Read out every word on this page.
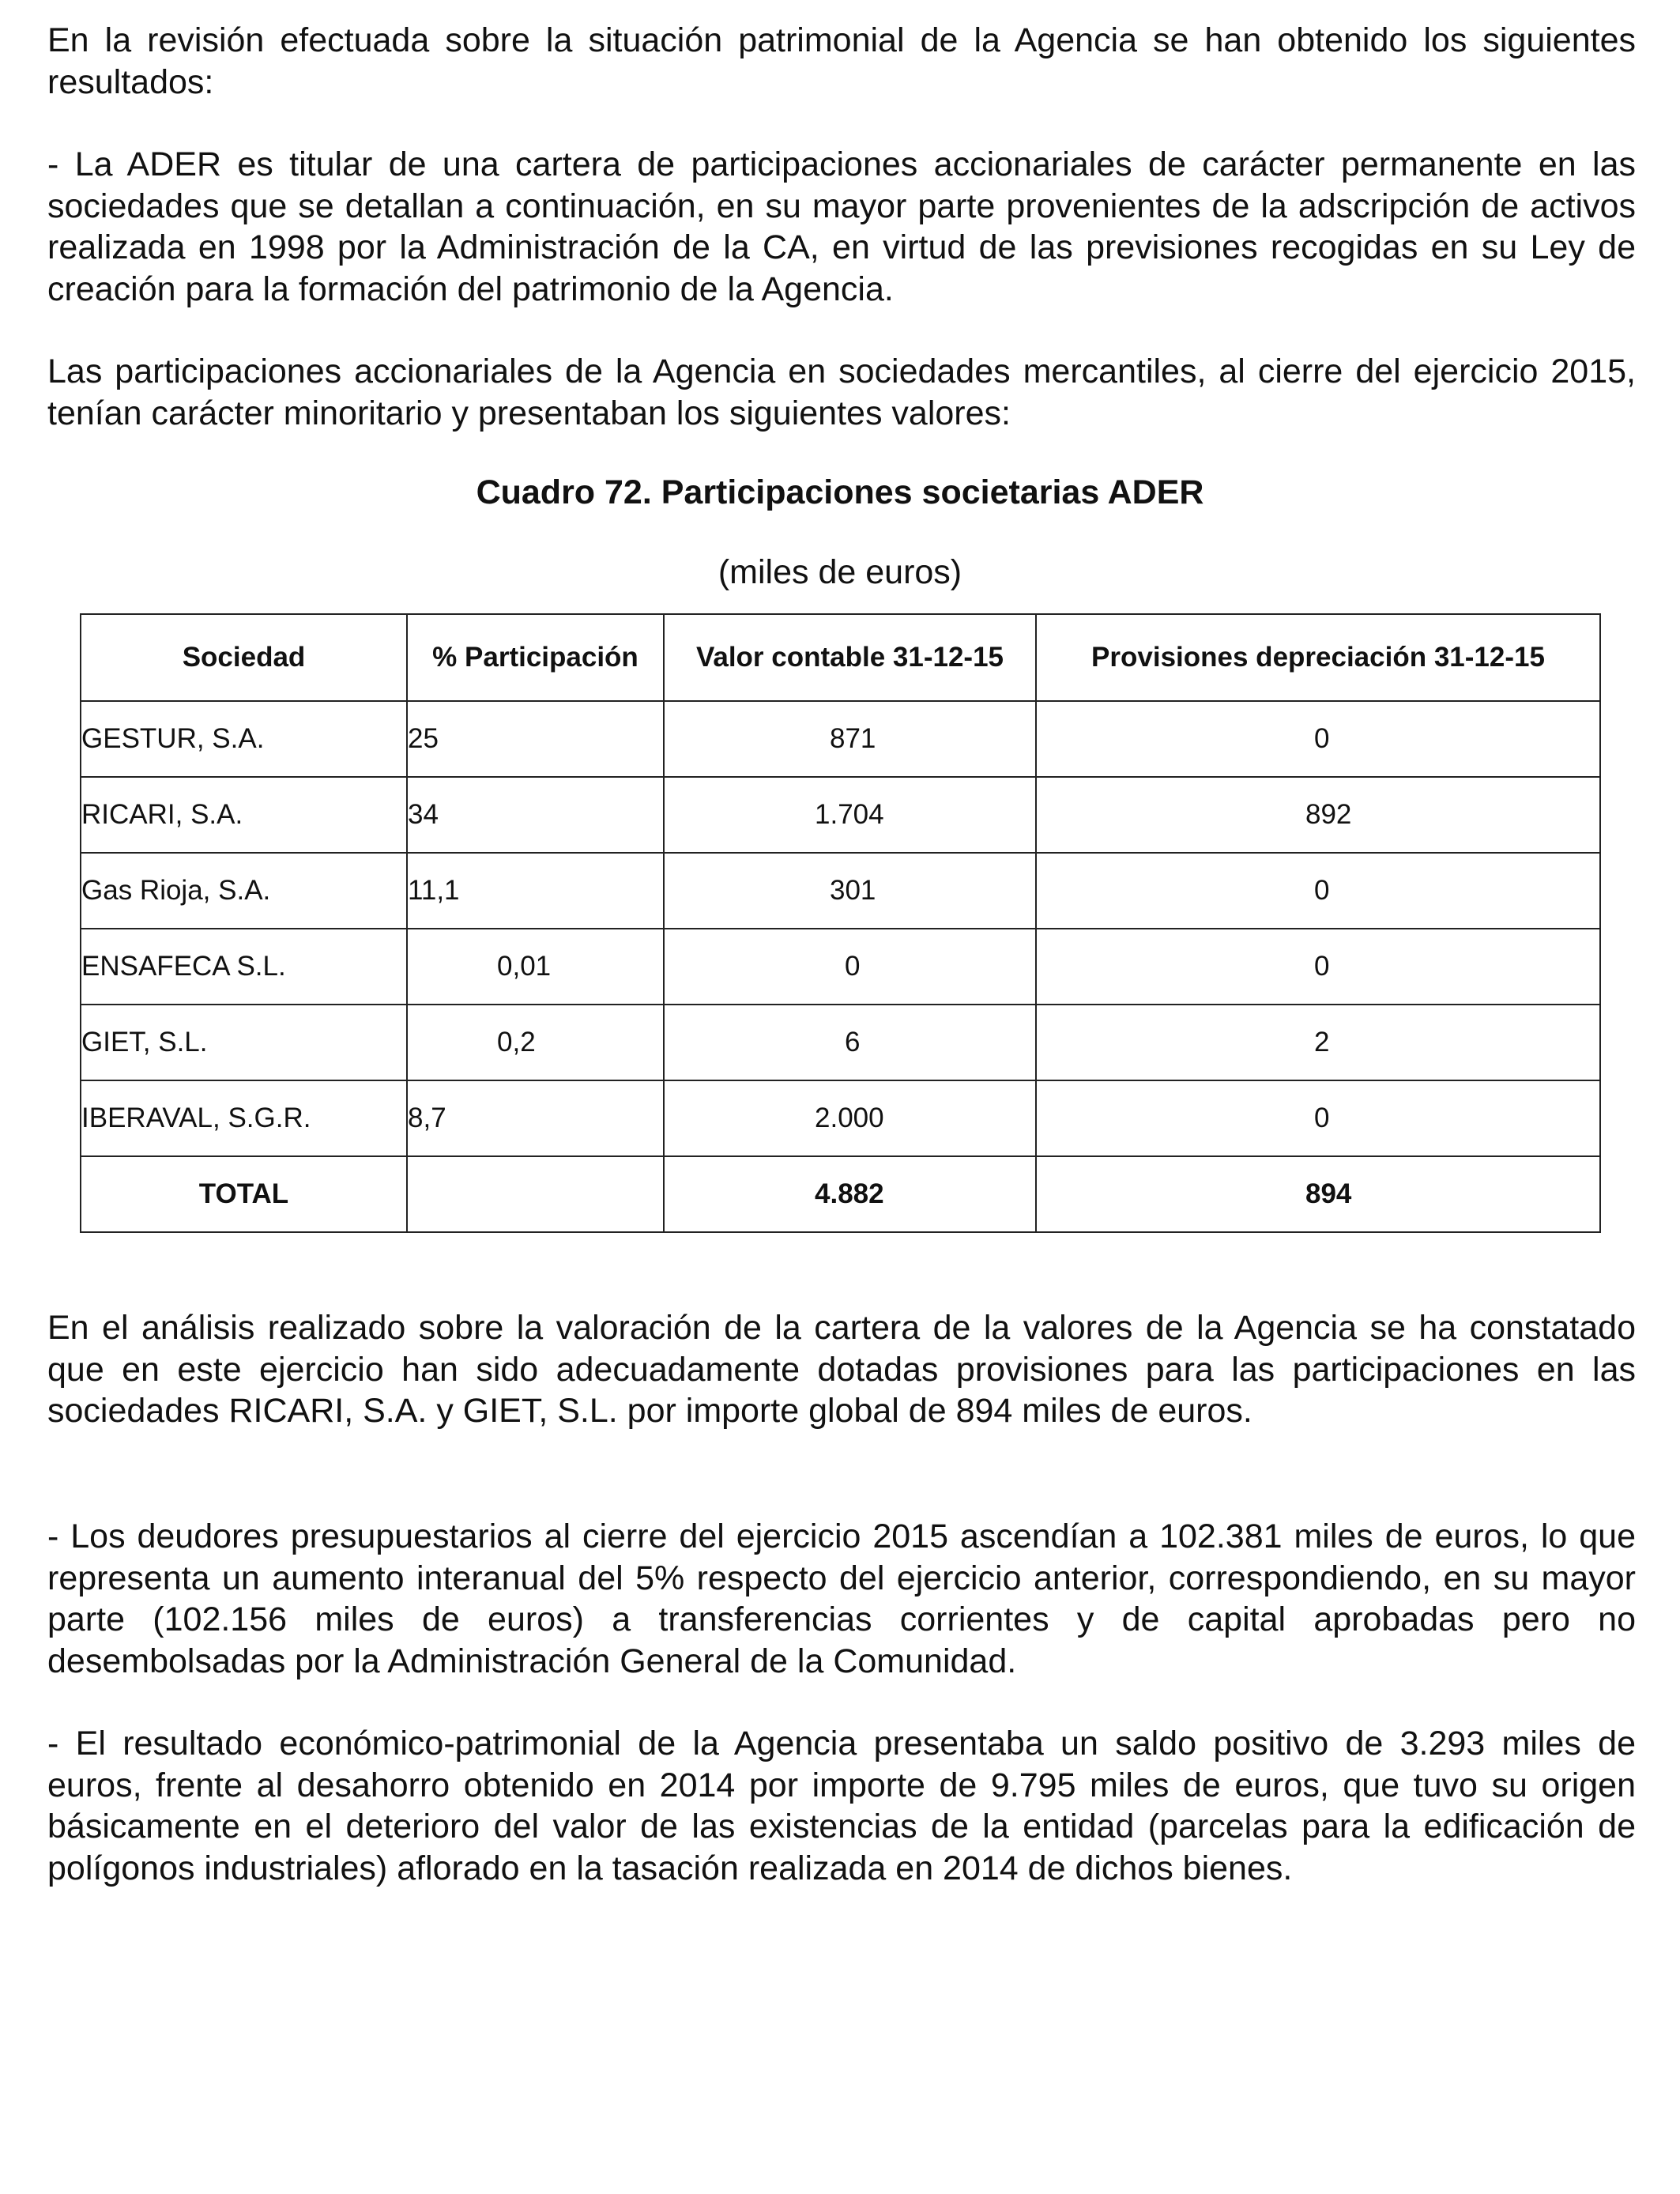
En la revisión efectuada sobre la situación patrimonial de la Agencia se han obtenido los siguientes resultados:

- La ADER es titular de una cartera de participaciones accionariales de carácter permanente en las sociedades que se detallan a continuación, en su mayor parte provenientes de la adscripción de activos realizada en 1998 por la Administración de la CA, en virtud de las previsiones recogidas en su Ley de creación para la formación del patrimonio de la Agencia.

Las participaciones accionariales de la Agencia en sociedades mercantiles, al cierre del ejercicio 2015, tenían carácter minoritario y presentaban los siguientes valores:

Cuadro 72. Participaciones societarias ADER

(miles de euros)

Sociedad	% Participación	Valor contable 31-12-15	Provisiones depreciación 31-12-15
GESTUR, S.A.	25	871	0
RICARI, S.A.	34	1.704	892
Gas Rioja, S.A.	11,1	301	0
ENSAFECA S.L.	0,01	0	0
GIET, S.L.	0,2	6	2
IBERAVAL, S.G.R.	8,7	2.000	0
TOTAL		4.882	894

En el análisis realizado sobre la valoración de la cartera de la valores de la Agencia se ha constatado que en este ejercicio han sido adecuadamente dotadas provisiones para las participaciones en las sociedades RICARI, S.A. y GIET, S.L. por importe global de 894 miles de euros.

- Los deudores presupuestarios al cierre del ejercicio 2015 ascendían a 102.381 miles de euros, lo que representa un aumento interanual del 5% respecto del ejercicio anterior, correspondiendo, en su mayor parte (102.156 miles de euros) a transferencias corrientes y de capital aprobadas pero no desembolsadas por la Administración General de la Comunidad.

- El resultado económico-patrimonial de la Agencia presentaba un saldo positivo de 3.293 miles de euros, frente al desahorro obtenido en 2014 por importe de 9.795 miles de euros, que tuvo su origen básicamente en el deterioro del valor de las existencias de la entidad (parcelas para la edificación de polígonos industriales) aflorado en la tasación realizada en 2014 de dichos bienes.
